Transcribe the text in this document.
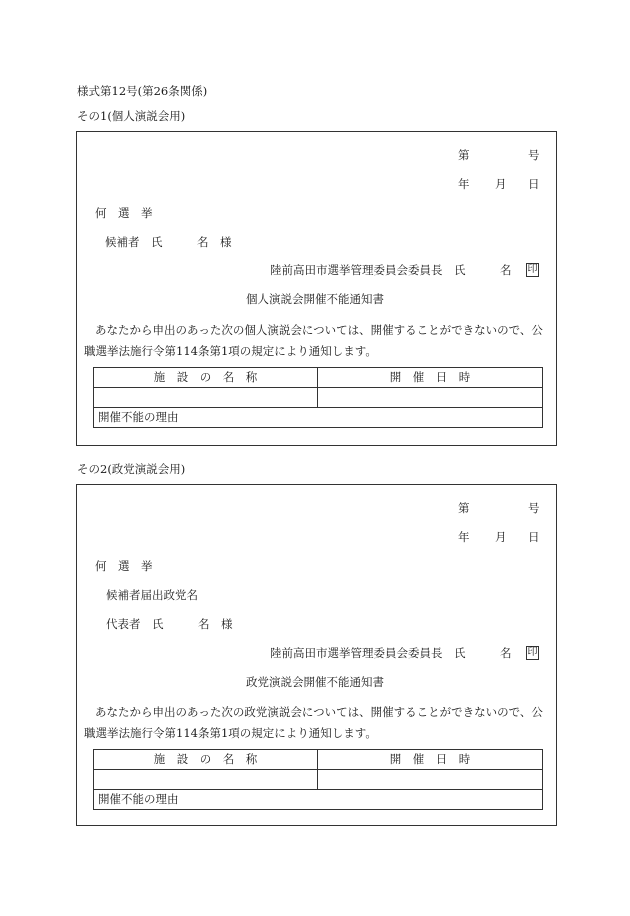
様式第12号(第26条関係)
その1(個人演説会用)
第	号
年 月 日
何　選　挙
候補者　氏　　　名　様
陸前高田市選挙管理委員会委員長　氏　　　名 印
個人演説会開催不能通知書
あなたから申出のあった次の個人演説会については、開催することができないので、公
職選挙法施行令第114条第1項の規定により通知します。
施　設　の　名　称	開　催　日　時

開催不能の理由	
その2(政党演説会用)
第	号
年 月 日
何　選　挙
候補者届出政党名
代表者　氏　　　名　様
陸前高田市選挙管理委員会委員長　氏　　　名 印
政党演説会開催不能通知書
あなたから申出のあった次の政党演説会については、開催することができないので、公
職選挙法施行令第114条第1項の規定により通知します。
施　設　の　名　称	開　催　日　時

開催不能の理由	
